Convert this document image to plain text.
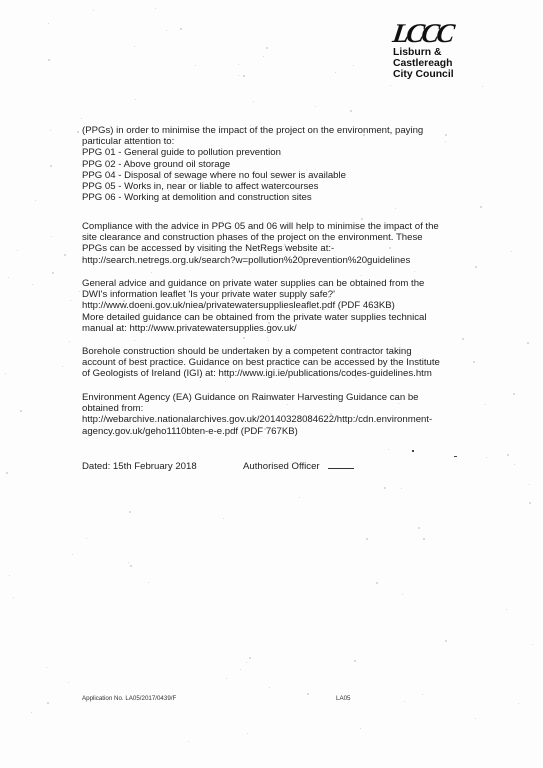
LCCC
Lisburn &
Castlereagh
City Council
(PPGs) in order to minimise the impact of the project on the environment, paying
particular attention to:
PPG 01 - General guide to pollution prevention
PPG 02 - Above ground oil storage
PPG 04 - Disposal of sewage where no foul sewer is available
PPG 05 - Works in, near or liable to affect watercourses
PPG 06 - Working at demolition and construction sites
Compliance with the advice in PPG 05 and 06 will help to minimise the impact of the
site clearance and construction phases of the project on the environment. These
PPGs can be accessed by visiting the NetRegs website at:-
http://search.netregs.org.uk/search?w=pollution%20prevention%20guidelines
General advice and guidance on private water supplies can be obtained from the
DWI's information leaflet 'Is your private water supply safe?'
http://www.doeni.gov.uk/niea/privatewatersuppliesleaflet.pdf (PDF 463KB)
More detailed guidance can be obtained from the private water supplies technical
manual at: http://www.privatewatersupplies.gov.uk/
Borehole construction should be undertaken by a competent contractor taking
account of best practice. Guidance on best practice can be accessed by the Institute
of Geologists of Ireland (IGI) at: http://www.igi.ie/publications/codes-guidelines.htm
Environment Agency (EA) Guidance on Rainwater Harvesting Guidance can be
obtained from:
http://webarchive.nationalarchives.gov.uk/20140328084622/http:/cdn.environment-
agency.gov.uk/geho1110bten-e-e.pdf (PDF 767KB)
Dated: 15th February 2018	Authorised Officer
Application No. LA05/2017/0439/F	LA05
